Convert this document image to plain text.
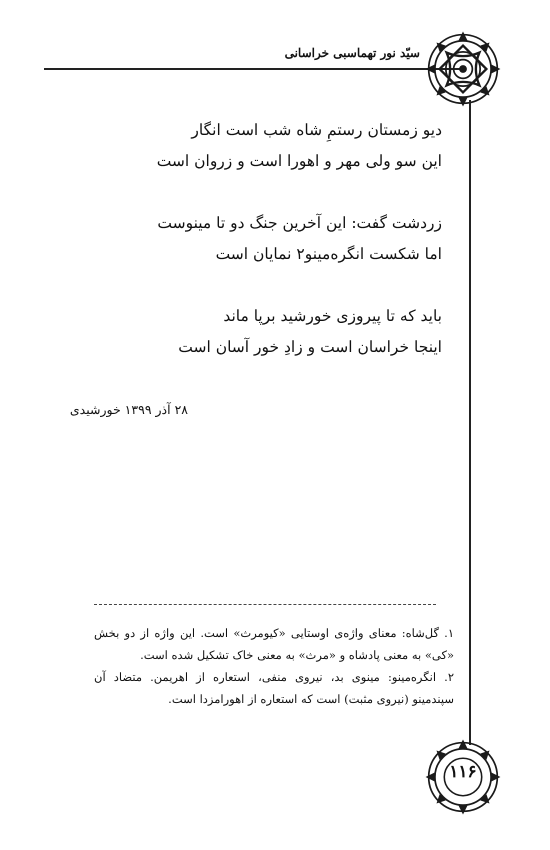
سیّد نور تهماسبی خراسانی
دیو زمستان رستمِ شاه شب است انگار
این سو ولی مهر و اهورا است و زروان است
زردشت گفت: این آخرین جنگ دو تا مینوست
اما شکست انگره‌مینو۲ نمایان است
باید که تا پیروزی خورشید برپا ماند
اینجا خراسان است و زادِ خور آسان است
۲۸ آذر ۱۳۹۹ خورشیدی

۱. گل‌شاه: معنای واژه‌ی اوستایی «کیومرث» است. این واژه از دو بخش «کی» به معنی پادشاه و «مرث» به معنی خاک تشکیل شده است.

۲. انگره‌مینو: مینوی بد، نیروی منفی، استعاره از اهریمن. متضاد آن سپندمینو (نیروی مثبت) است که استعاره از اهورامزدا است.

۱۱۶
